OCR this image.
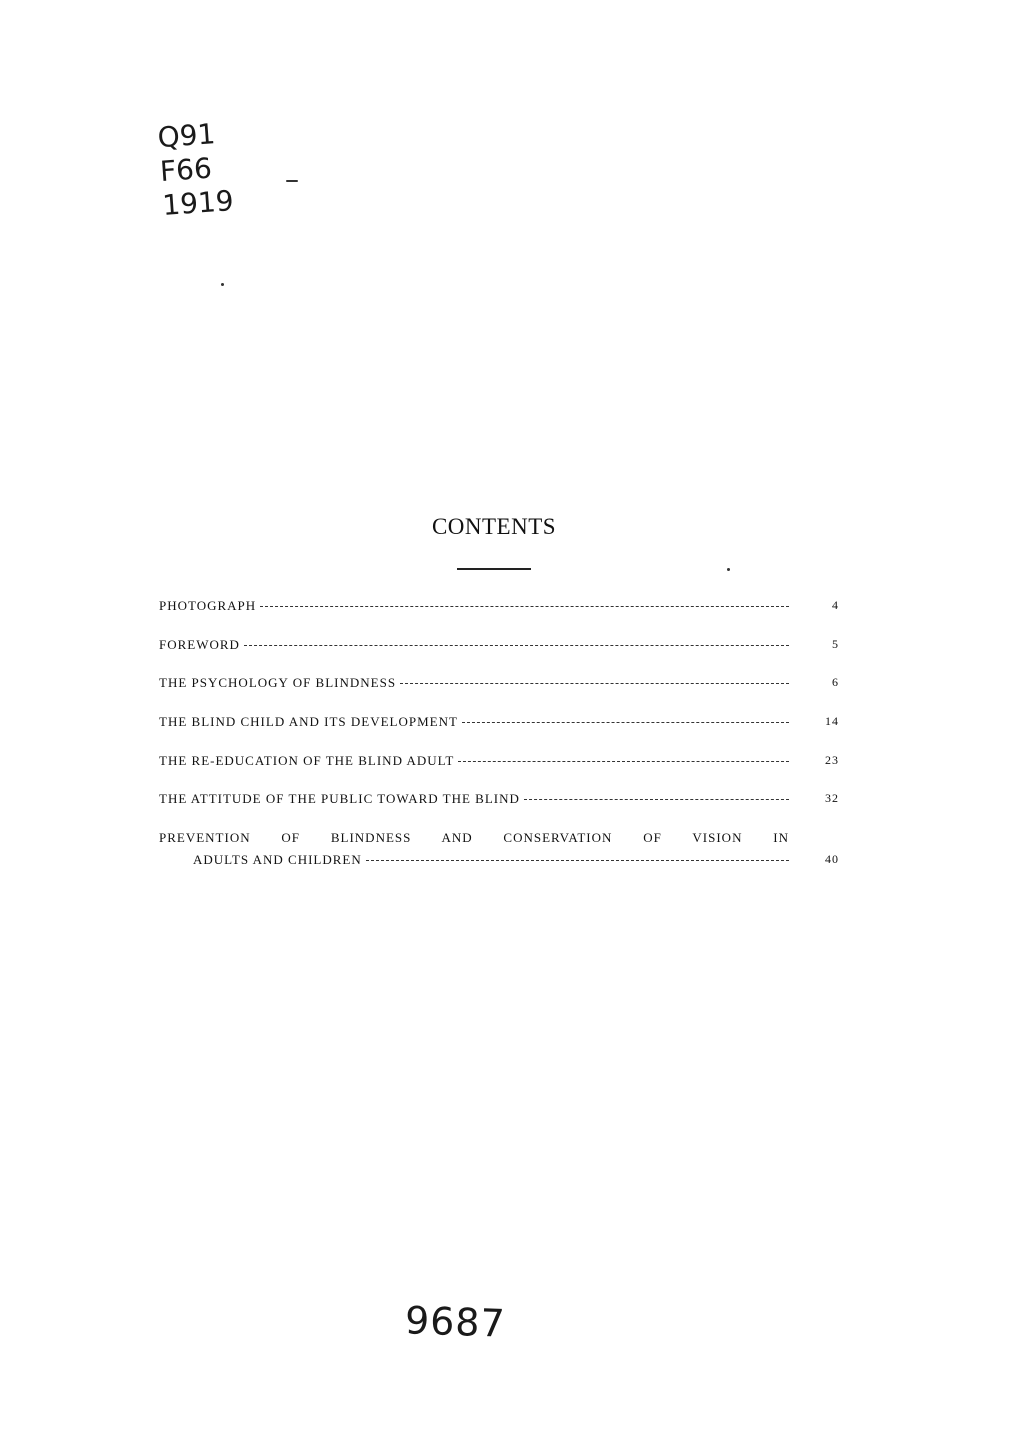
Q91
F66
1919
CONTENTS
PHOTOGRAPH	4
FOREWORD	5
THE PSYCHOLOGY OF BLINDNESS	6
THE BLIND CHILD AND ITS DEVELOPMENT	14
THE RE-EDUCATION OF THE BLIND ADULT	23
THE ATTITUDE OF THE PUBLIC TOWARD THE BLIND	32
PREVENTION OF BLINDNESS AND CONSERVATION OF VISION IN
ADULTS AND CHILDREN	40
9687
